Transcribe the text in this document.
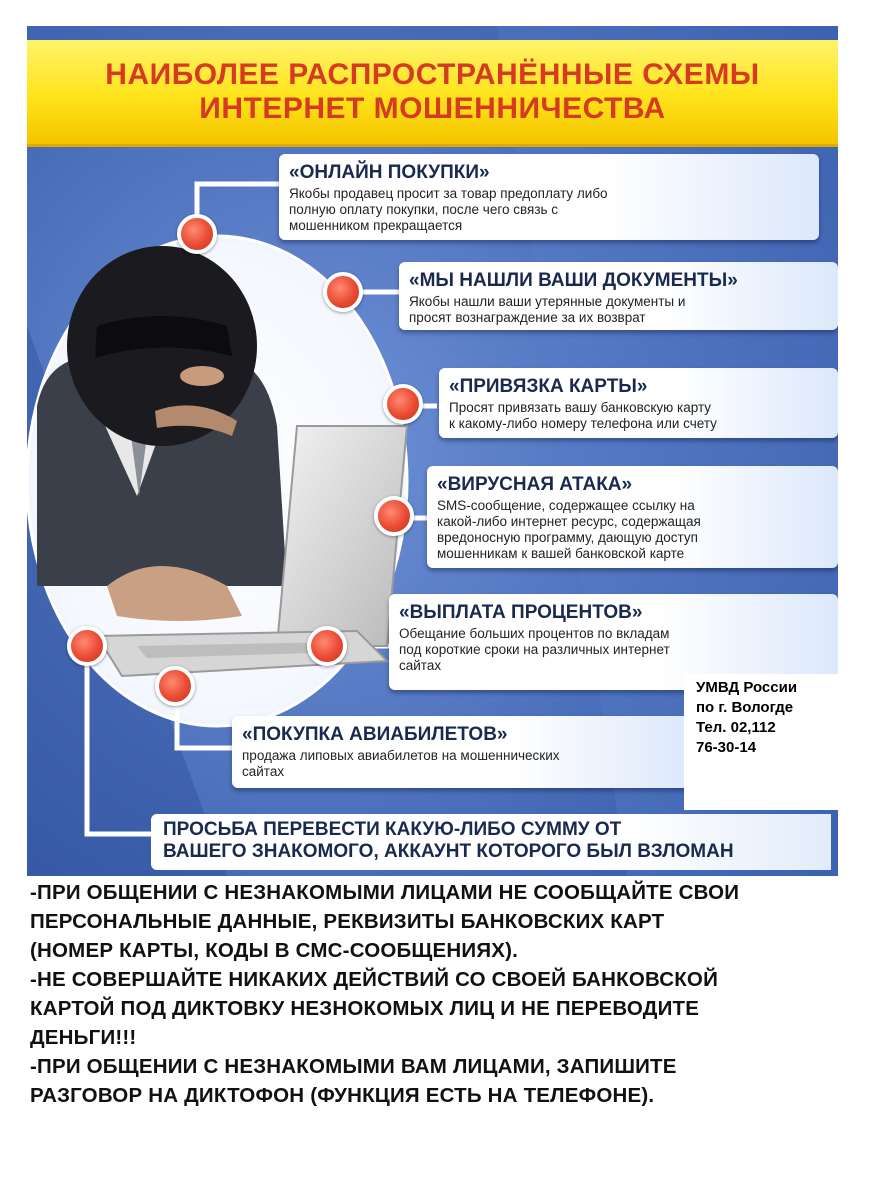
НАИБОЛЕЕ РАСПРОСТРАНЁННЫЕ СХЕМЫ
ИНТЕРНЕТ МОШЕННИЧЕСТВА
«ОНЛАЙН ПОКУПКИ»
Якобы продавец просит за товар предоплату либо
полную оплату покупки, после чего связь с
мошенником прекращается
«МЫ НАШЛИ ВАШИ ДОКУМЕНТЫ»
Якобы нашли ваши утерянные документы и
просят вознаграждение за их возврат
«ПРИВЯЗКА КАРТЫ»
Просят привязать вашу банковскую карту
к какому-либо номеру телефона или счету
«ВИРУСНАЯ АТАКА»
SMS-сообщение, содержащее ссылку на
какой-либо интернет ресурс, содержащая
вредоносную программу, дающую доступ
мошенникам к вашей банковской карте
«ВЫПЛАТА ПРОЦЕНТОВ»
Обещание больших процентов по вкладам
под короткие сроки на различных интернет
сайтах
«ПОКУПКА АВИАБИЛЕТОВ»
продажа липовых авиабилетов на мошеннических
сайтах
ПРОСЬБА ПЕРЕВЕСТИ КАКУЮ-ЛИБО СУММУ ОТ
ВАШЕГО ЗНАКОМОГО, АККАУНТ КОТОРОГО БЫЛ ВЗЛОМАН
УМВД России
по г. Вологде
Тел. 02,112
76-30-14
-ПРИ ОБЩЕНИИ С НЕЗНАКОМЫМИ ЛИЦАМИ НЕ СООБЩАЙТЕ СВОИ
ПЕРСОНАЛЬНЫЕ ДАННЫЕ, РЕКВИЗИТЫ БАНКОВСКИХ КАРТ
(НОМЕР КАРТЫ, КОДЫ В СМС-СООБЩЕНИЯХ).
-НЕ СОВЕРШАЙТЕ НИКАКИХ ДЕЙСТВИЙ СО СВОЕЙ БАНКОВСКОЙ
КАРТОЙ ПОД ДИКТОВКУ НЕЗНОКОМЫХ ЛИЦ И НЕ ПЕРЕВОДИТЕ
ДЕНЬГИ!!!
-ПРИ ОБЩЕНИИ С НЕЗНАКОМЫМИ ВАМ ЛИЦАМИ, ЗАПИШИТЕ
РАЗГОВОР НА ДИКТОФОН (ФУНКЦИЯ ЕСТЬ НА ТЕЛЕФОНЕ).
